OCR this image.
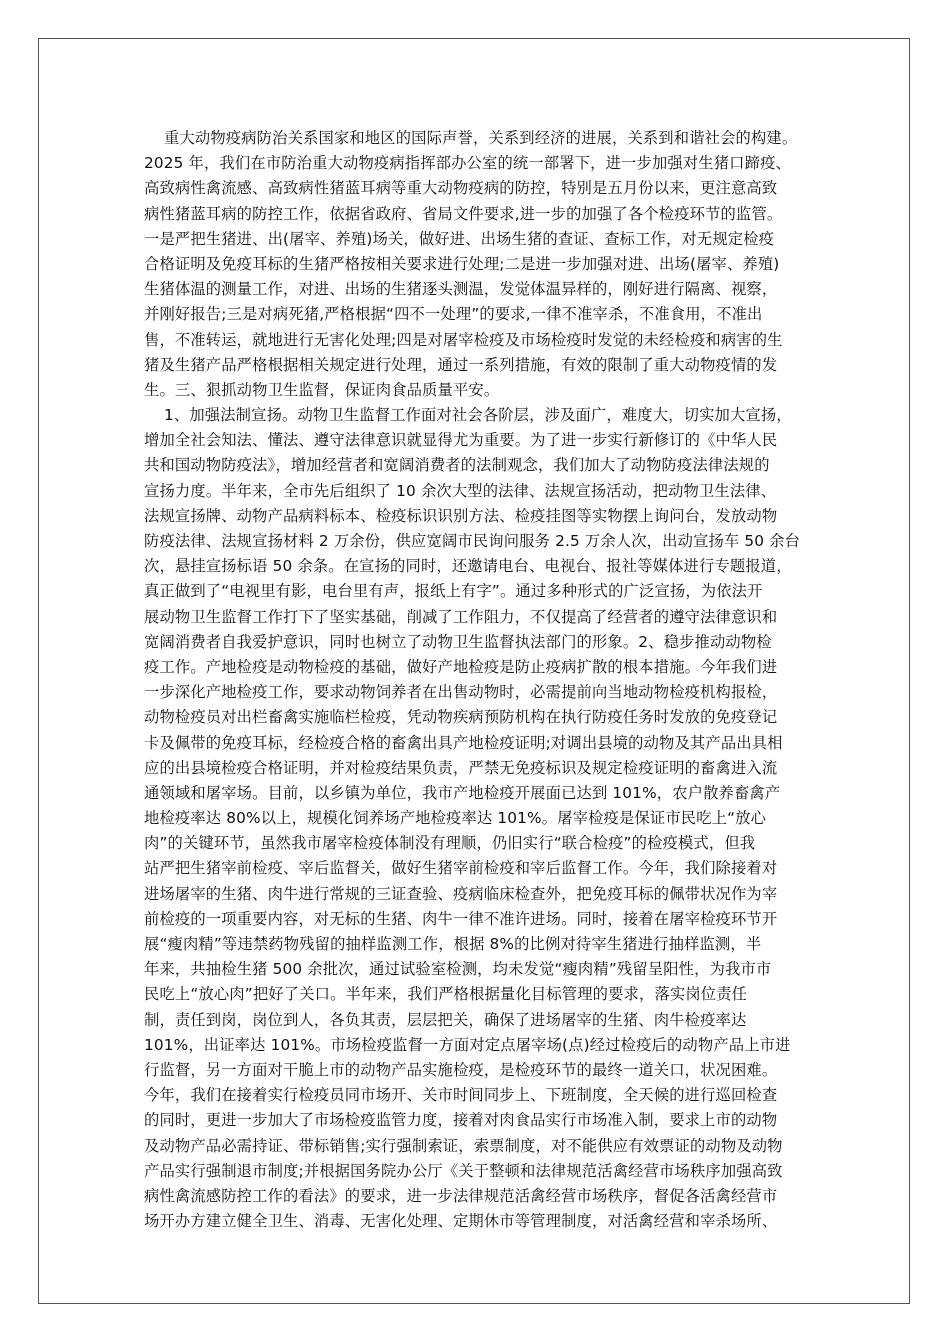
重大动物疫病防治关系国家和地区的国际声誉，关系到经济的进展，关系到和谐社会的构建。
2025 年，我们在市防治重大动物疫病指挥部办公室的统一部署下，进一步加强对生猪口蹄疫、
高致病性禽流感、高致病性猪蓝耳病等重大动物疫病的防控，特别是五月份以来，更注意高致
病性猪蓝耳病的防控工作，依据省政府、省局文件要求,进一步的加强了各个检疫环节的监管。
一是严把生猪进、出(屠宰、养殖)场关，做好进、出场生猪的查证、查标工作，对无规定检疫
合格证明及免疫耳标的生猪严格按相关要求进行处理;二是进一步加强对进、出场(屠宰、养殖)
生猪体温的测量工作，对进、出场的生猪逐头测温，发觉体温异样的，刚好进行隔离、视察，
并刚好报告;三是对病死猪,严格根据“四不一处理”的要求,一律不准宰杀，不准食用，不准出
售，不准转运，就地进行无害化处理;四是对屠宰检疫及市场检疫时发觉的未经检疫和病害的生
猪及生猪产品严格根据相关规定进行处理，通过一系列措施，有效的限制了重大动物疫情的发
生。三、狠抓动物卫生监督，保证肉食品质量平安。
1、加强法制宣扬。动物卫生监督工作面对社会各阶层，涉及面广，难度大，切实加大宣扬，
增加全社会知法、懂法、遵守法律意识就显得尤为重要。为了进一步实行新修订的《中华人民
共和国动物防疫法》，增加经营者和宽阔消费者的法制观念，我们加大了动物防疫法律法规的
宣扬力度。半年来，全市先后组织了 10 余次大型的法律、法规宣扬活动，把动物卫生法律、
法规宣扬牌、动物产品病料标本、检疫标识识别方法、检疫挂图等实物摆上询问台，发放动物
防疫法律、法规宣扬材料 2 万余份，供应宽阔市民询问服务 2.5 万余人次，出动宣扬车 50 余台
次，悬挂宣扬标语 50 余条。在宣扬的同时，还邀请电台、电视台、报社等媒体进行专题报道，
真正做到了“电视里有影，电台里有声，报纸上有字”。通过多种形式的广泛宣扬，为依法开
展动物卫生监督工作打下了坚实基础，削减了工作阻力，不仅提高了经营者的遵守法律意识和
宽阔消费者自我爱护意识，同时也树立了动物卫生监督执法部门的形象。2、稳步推动动物检
疫工作。产地检疫是动物检疫的基础，做好产地检疫是防止疫病扩散的根本措施。今年我们进
一步深化产地检疫工作，要求动物饲养者在出售动物时，必需提前向当地动物检疫机构报检，
动物检疫员对出栏畜禽实施临栏检疫，凭动物疾病预防机构在执行防疫任务时发放的免疫登记
卡及佩带的免疫耳标，经检疫合格的畜禽出具产地检疫证明;对调出县境的动物及其产品出具相
应的出县境检疫合格证明，并对检疫结果负责，严禁无免疫标识及规定检疫证明的畜禽进入流
通领域和屠宰场。目前，以乡镇为单位，我市产地检疫开展面已达到 101%，农户散养畜禽产
地检疫率达 80%以上，规模化饲养场产地检疫率达 101%。屠宰检疫是保证市民吃上“放心
肉”的关键环节，虽然我市屠宰检疫体制没有理顺，仍旧实行“联合检疫”的检疫模式，但我
站严把生猪宰前检疫、宰后监督关，做好生猪宰前检疫和宰后监督工作。今年，我们除接着对
进场屠宰的生猪、肉牛进行常规的三证查验、疫病临床检查外，把免疫耳标的佩带状况作为宰
前检疫的一项重要内容，对无标的生猪、肉牛一律不准许进场。同时，接着在屠宰检疫环节开
展“瘦肉精”等违禁药物残留的抽样监测工作，根据 8%的比例对待宰生猪进行抽样监测，半
年来，共抽检生猪 500 余批次，通过试验室检测，均未发觉“瘦肉精”残留呈阳性，为我市市
民吃上“放心肉”把好了关口。半年来，我们严格根据量化目标管理的要求，落实岗位责任
制，责任到岗，岗位到人，各负其责，层层把关，确保了进场屠宰的生猪、肉牛检疫率达
101%，出证率达 101%。市场检疫监督一方面对定点屠宰场(点)经过检疫后的动物产品上市进
行监督，另一方面对干脆上市的动物产品实施检疫，是检疫环节的最终一道关口，状况困难。
今年，我们在接着实行检疫员同市场开、关市时间同步上、下班制度，全天候的进行巡回检查
的同时，更进一步加大了市场检疫监管力度，接着对肉食品实行市场准入制，要求上市的动物
及动物产品必需持证、带标销售;实行强制索证，索票制度，对不能供应有效票证的动物及动物
产品实行强制退市制度;并根据国务院办公厅《关于整顿和法律规范活禽经营市场秩序加强高致
病性禽流感防控工作的看法》的要求，进一步法律规范活禽经营市场秩序，督促各活禽经营市
场开办方建立健全卫生、消毒、无害化处理、定期休市等管理制度，对活禽经营和宰杀场所、
